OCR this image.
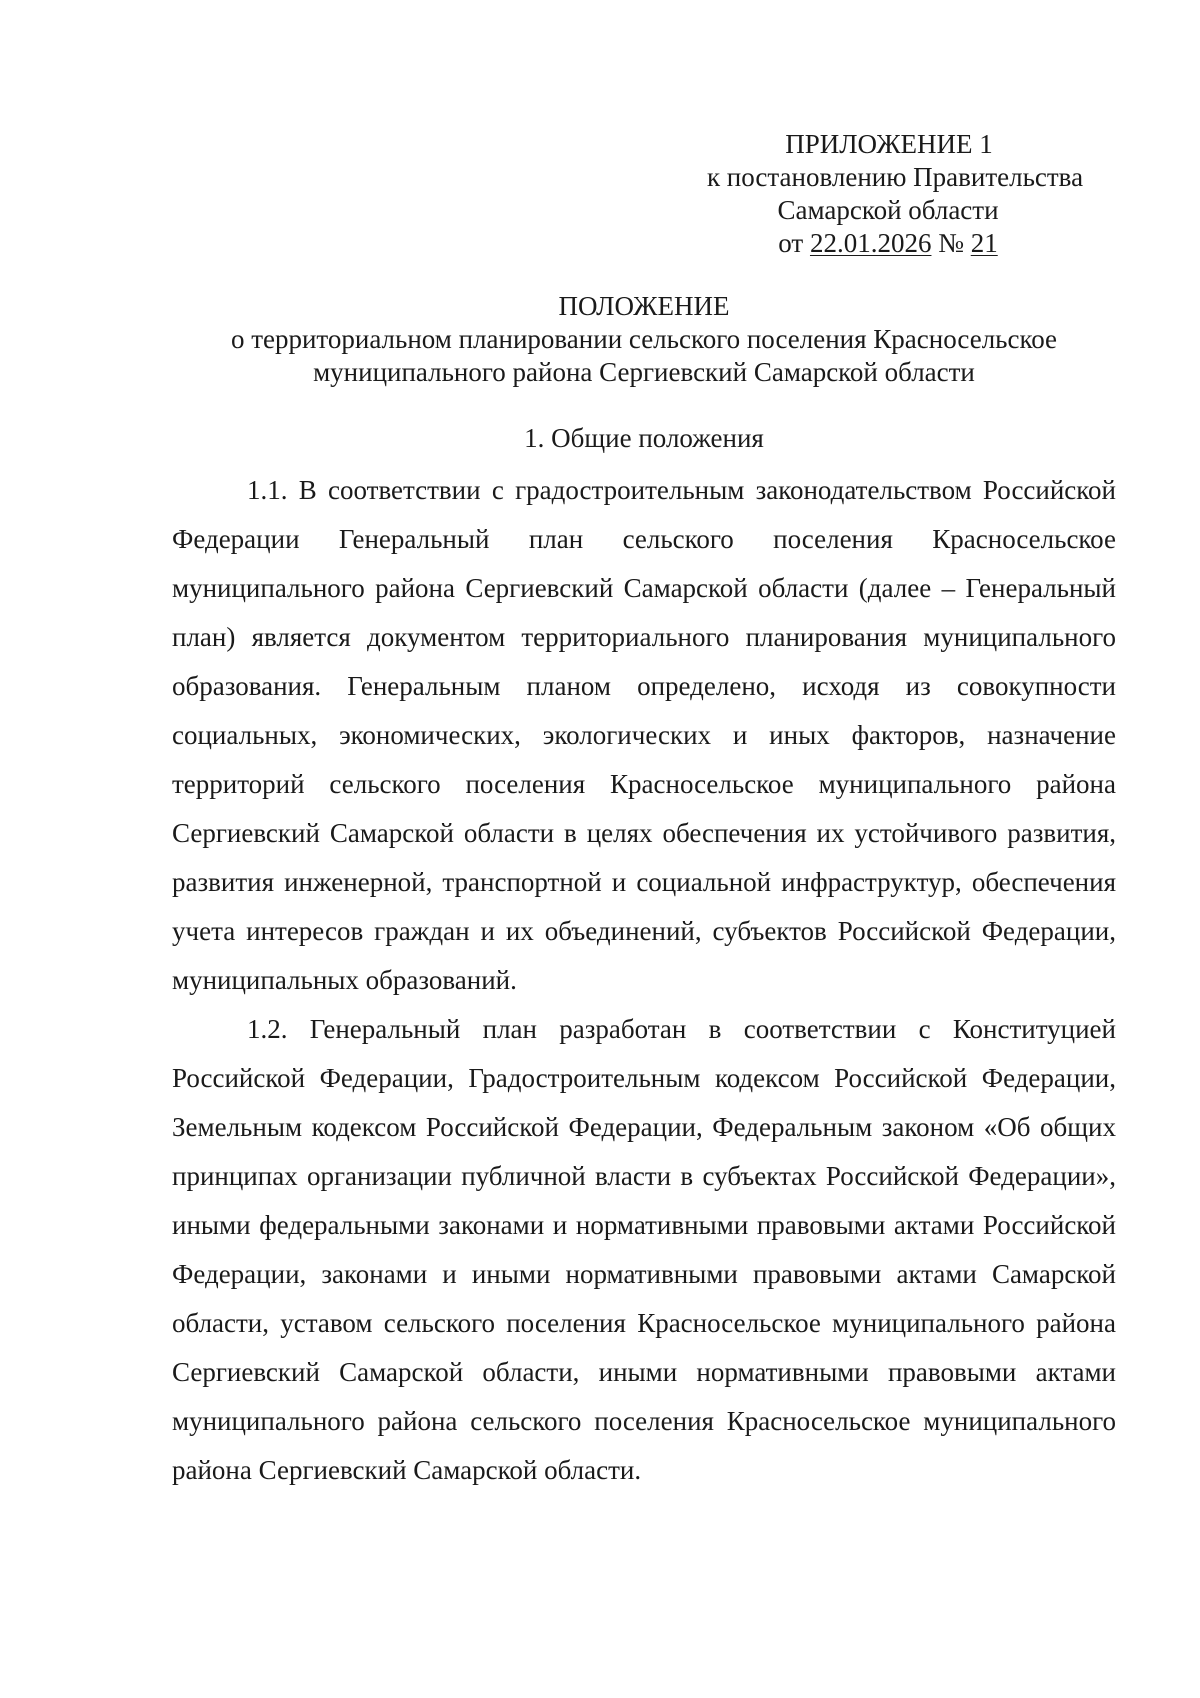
ПРИЛОЖЕНИЕ 1
к постановлению Правительства
Самарской области
от 22.01.2026 № 21
ПОЛОЖЕНИЕ
о территориальном планировании сельского поселения Красносельское
муниципального района Сергиевский Самарской области
1. Общие положения

1.1. В соответствии с градостроительным законодательством Российской Федерации Генеральный план сельского поселения Красносельское муниципального района Сергиевский Самарской области (далее – Генеральный план) является документом территориального планирования муниципального образования. Генеральным планом определено, исходя из совокупности социальных, экономических, экологических и иных факторов, назначение территорий сельского поселения Красносельское муниципального района Сергиевский Самарской области в целях обеспечения их устойчивого развития, развития инженерной, транспортной и социальной инфраструктур, обеспечения учета интересов граждан и их объединений, субъектов Российской Федерации, муниципальных образований.

1.2. Генеральный план разработан в соответствии с Конституцией Российской Федерации, Градостроительным кодексом Российской Федерации, Земельным кодексом Российской Федерации, Федеральным законом «Об общих принципах организации публичной власти в субъектах Российской Федерации», иными федеральными законами и нормативными правовыми актами Российской Федерации, законами и иными нормативными правовыми актами Самарской области, уставом сельского поселения Красносельское муниципального района Сергиевский Самарской области, иными нормативными правовыми актами муниципального района сельского поселения Красносельское муниципального района Сергиевский Самарской области.
